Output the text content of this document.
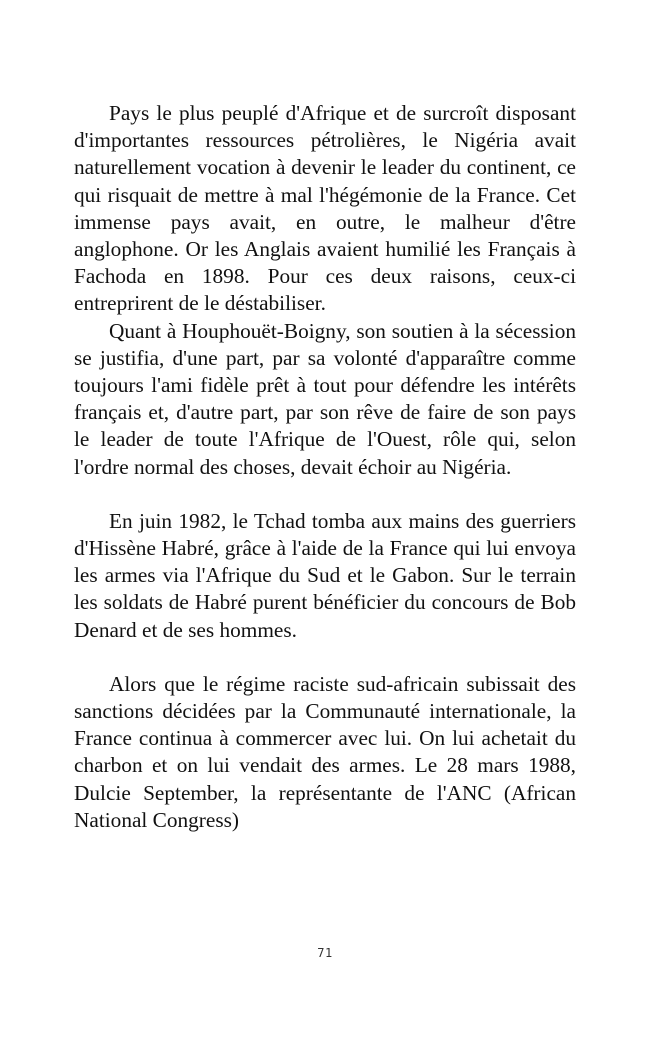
Pays le plus peuplé d'Afrique et de surcroît disposant d'importantes ressources pétrolières, le Nigéria avait naturellement vocation à devenir le leader du continent, ce qui risquait de mettre à mal l'hégémonie de la France. Cet immense pays avait, en outre, le malheur d'être anglophone. Or les Anglais avaient humilié les Français à Fachoda en 1898. Pour ces deux raisons, ceux-ci entreprirent de le déstabiliser.

Quant à Houphouët-Boigny, son soutien à la sécession se justifia, d'une part, par sa volonté d'apparaître comme toujours l'ami fidèle prêt à tout pour défendre les intérêts français et, d'autre part, par son rêve de faire de son pays le leader de toute l'Afrique de l'Ouest, rôle qui, selon l'ordre normal des choses, devait échoir au Nigéria.

En juin 1982, le Tchad tomba aux mains des guerriers d'Hissène Habré, grâce à l'aide de la France qui lui envoya les armes via l'Afrique du Sud et le Gabon. Sur le terrain les soldats de Habré purent bénéficier du concours de Bob Denard et de ses hommes.

Alors que le régime raciste sud-africain subissait des sanctions décidées par la Communauté internationale, la France continua à commercer avec lui. On lui achetait du charbon et on lui vendait des armes. Le 28 mars 1988, Dulcie September, la représentante de l'ANC (African National Congress)

71
